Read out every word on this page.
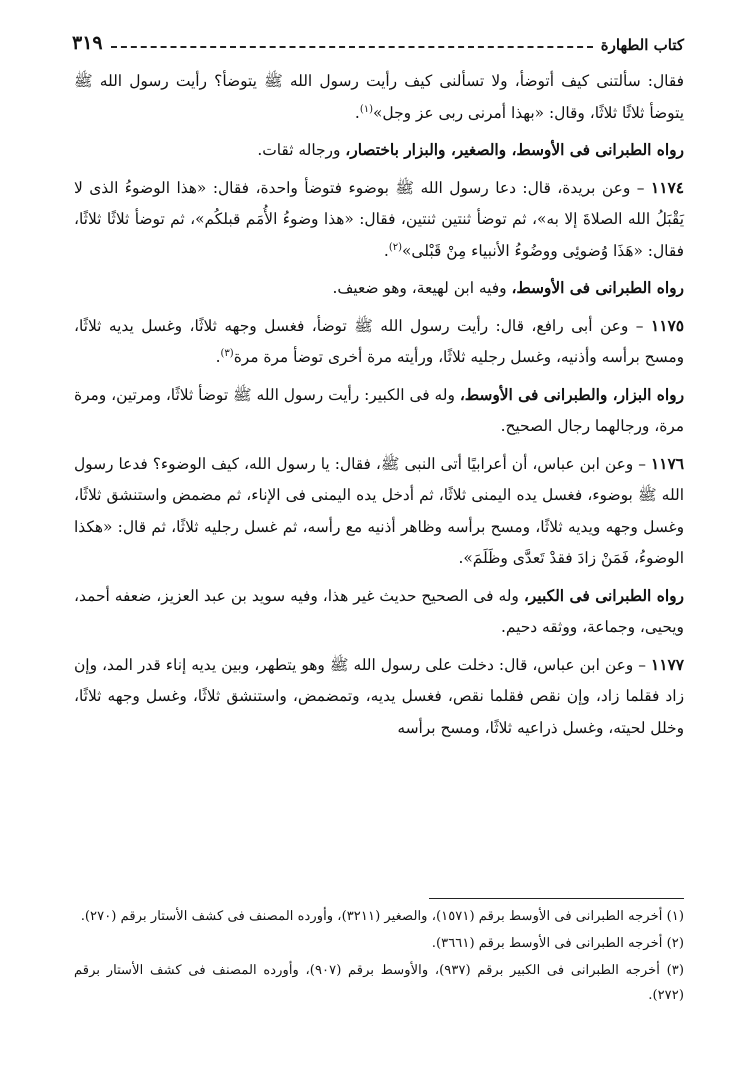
كتاب الطهارة
٣١٩

فقال: سألتنى كيف أتوضأ، ولا تسألنى كيف رأيت رسول الله ﷺ يتوضأ؟ رأيت رسول الله ﷺ يتوضأ ثلاثًا ثلاثًا، وقال: «بهذا أمرنى ربى عز وجل»$^{(١)}$.

رواه الطبرانى فى الأوسط، والصغير، والبزار باختصار، ورجاله ثقات.

١١٧٤ – وعن بريدة، قال: دعا رسول الله ﷺ بوضوء فتوضأ واحدة، فقال: «هذا الوضوءُ الذى لا يَقْبَلُ الله الصلاةَ إلا به»، ثم توضأ ثنتين ثنتين، فقال: «هذا وضوءُ الأُمَم قبلكُم»، ثم توضأ ثلاثًا ثلاثًا، فقال: «هَذَا وُضوئِى ووضُوءُ الأنبياء مِنْ قَبْلى»$^{(٢)}$.

رواه الطبرانى فى الأوسط، وفيه ابن لهيعة، وهو ضعيف.

١١٧٥ – وعن أبى رافع، قال: رأيت رسول الله ﷺ توضأ، فغسل وجهه ثلاثًا، وغسل يديه ثلاثًا، ومسح برأسه وأذنيه، وغسل رجليه ثلاثًا، ورأيته مرة أخرى توضأ مرة مرة$^{(٣)}$.

رواه البزار، والطبرانى فى الأوسط، وله فى الكبير: رأيت رسول الله ﷺ توضأ ثلاثًا، ومرتين، ومرة مرة، ورجالهما رجال الصحيح.

١١٧٦ – وعن ابن عباس، أن أعرابيًا أتى النبى ﷺ، فقال: يا رسول الله، كيف الوضوء؟ فدعا رسول الله ﷺ بوضوء، فغسل يده اليمنى ثلاثًا، ثم أدخل يده اليمنى فى الإناء، ثم مضمض واستنشق ثلاثًا، وغسل وجهه ويديه ثلاثًا، ومسح برأسه وظاهر أذنيه مع رأسه، ثم غسل رجليه ثلاثًا، ثم قال: «هكذا الوضوءُ، فَمَنْ زادَ فقدْ تَعدَّى وظَلَمَ».

رواه الطبرانى فى الكبير، وله فى الصحيح حديث غير هذا، وفيه سويد بن عبد العزيز، ضعفه أحمد، ويحيى، وجماعة، ووثقه دحيم.

١١٧٧ – وعن ابن عباس، قال: دخلت على رسول الله ﷺ وهو يتطهر، وبين يديه إناء قدر المد، وإن زاد فقلما زاد، وإن نقص فقلما نقص، فغسل يديه، وتمضمض، واستنشق ثلاثًا، وغسل وجهه ثلاثًا، وخلل لحيته، وغسل ذراعيه ثلاثًا، ومسح برأسه

(١) أخرجه الطبرانى فى الأوسط برقم (١٥٧١)، والصغير (٣٢١١)، وأورده المصنف فى كشف الأستار برقم (٢٧٠).

(٢) أخرجه الطبرانى فى الأوسط برقم (٣٦٦١).

(٣) أخرجه الطبرانى فى الكبير برقم (٩٣٧)، والأوسط برقم (٩٠٧)، وأورده المصنف فى كشف الأستار برقم (٢٧٢).
